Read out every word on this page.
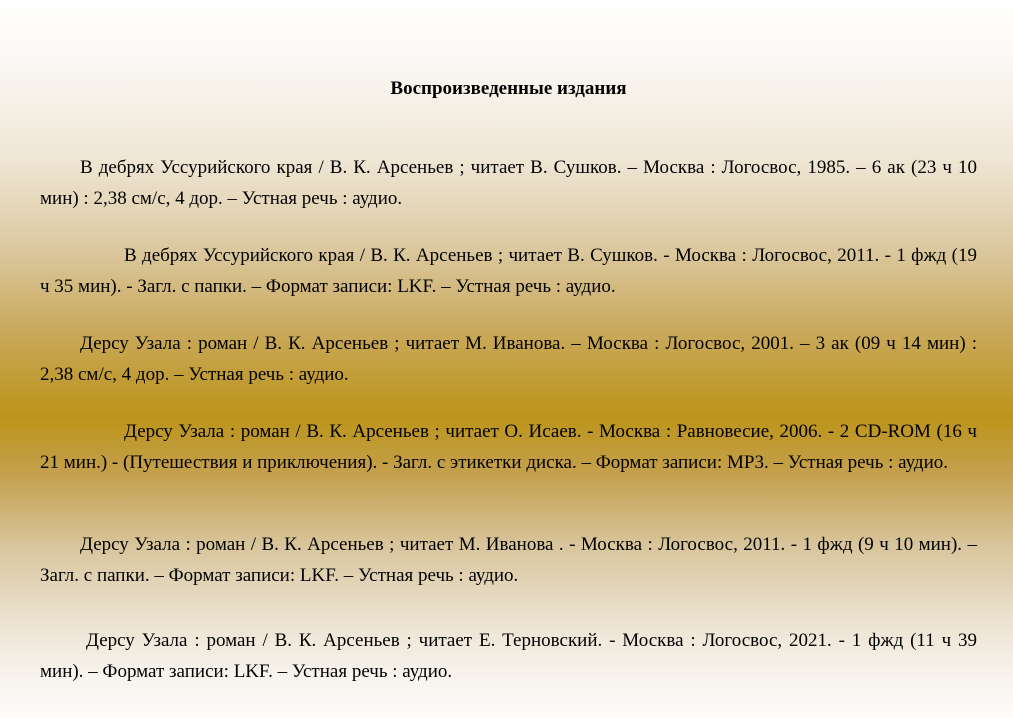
Воспроизведенные издания

В дебрях Уссурийского края / В. К. Арсеньев ; читает В. Сушков. – Москва : Логосвос, 1985. – 6 ак (23 ч 10 мин) : 2,38 см/с, 4 дор. – Устная речь : аудио.

В дебрях Уссурийского края / В. К. Арсеньев ; читает В. Сушков. - Москва : Логосвос, 2011. - 1 фжд (19 ч 35 мин). - Загл. с папки. – Формат записи: LKF. – Устная речь : аудио.

Дерсу Узала : роман / В. К. Арсеньев ; читает М. Иванова. – Москва : Логосвос, 2001. – 3 ак (09 ч 14 мин) : 2,38 см/с, 4 дор. – Устная речь : аудио.

Дерсу Узала : роман / В. К. Арсеньев ; читает О. Исаев. - Москва : Равновесие, 2006. - 2 CD-ROM (16 ч 21 мин.) - (Путешествия и приключения). - Загл. с этикетки диска. – Формат записи: MP3. – Устная речь : аудио.

Дерсу Узала : роман / В. К. Арсеньев ; читает М. Иванова . - Москва : Логосвос, 2011. - 1 фжд (9 ч 10 мин). – Загл. с папки. – Формат записи: LKF. – Устная речь : аудио.

Дерсу Узала : роман / В. К. Арсеньев ; читает Е. Терновский. - Москва : Логосвос, 2021. - 1 фжд (11 ч 39 мин). – Формат записи: LKF. – Устная речь : аудио.
